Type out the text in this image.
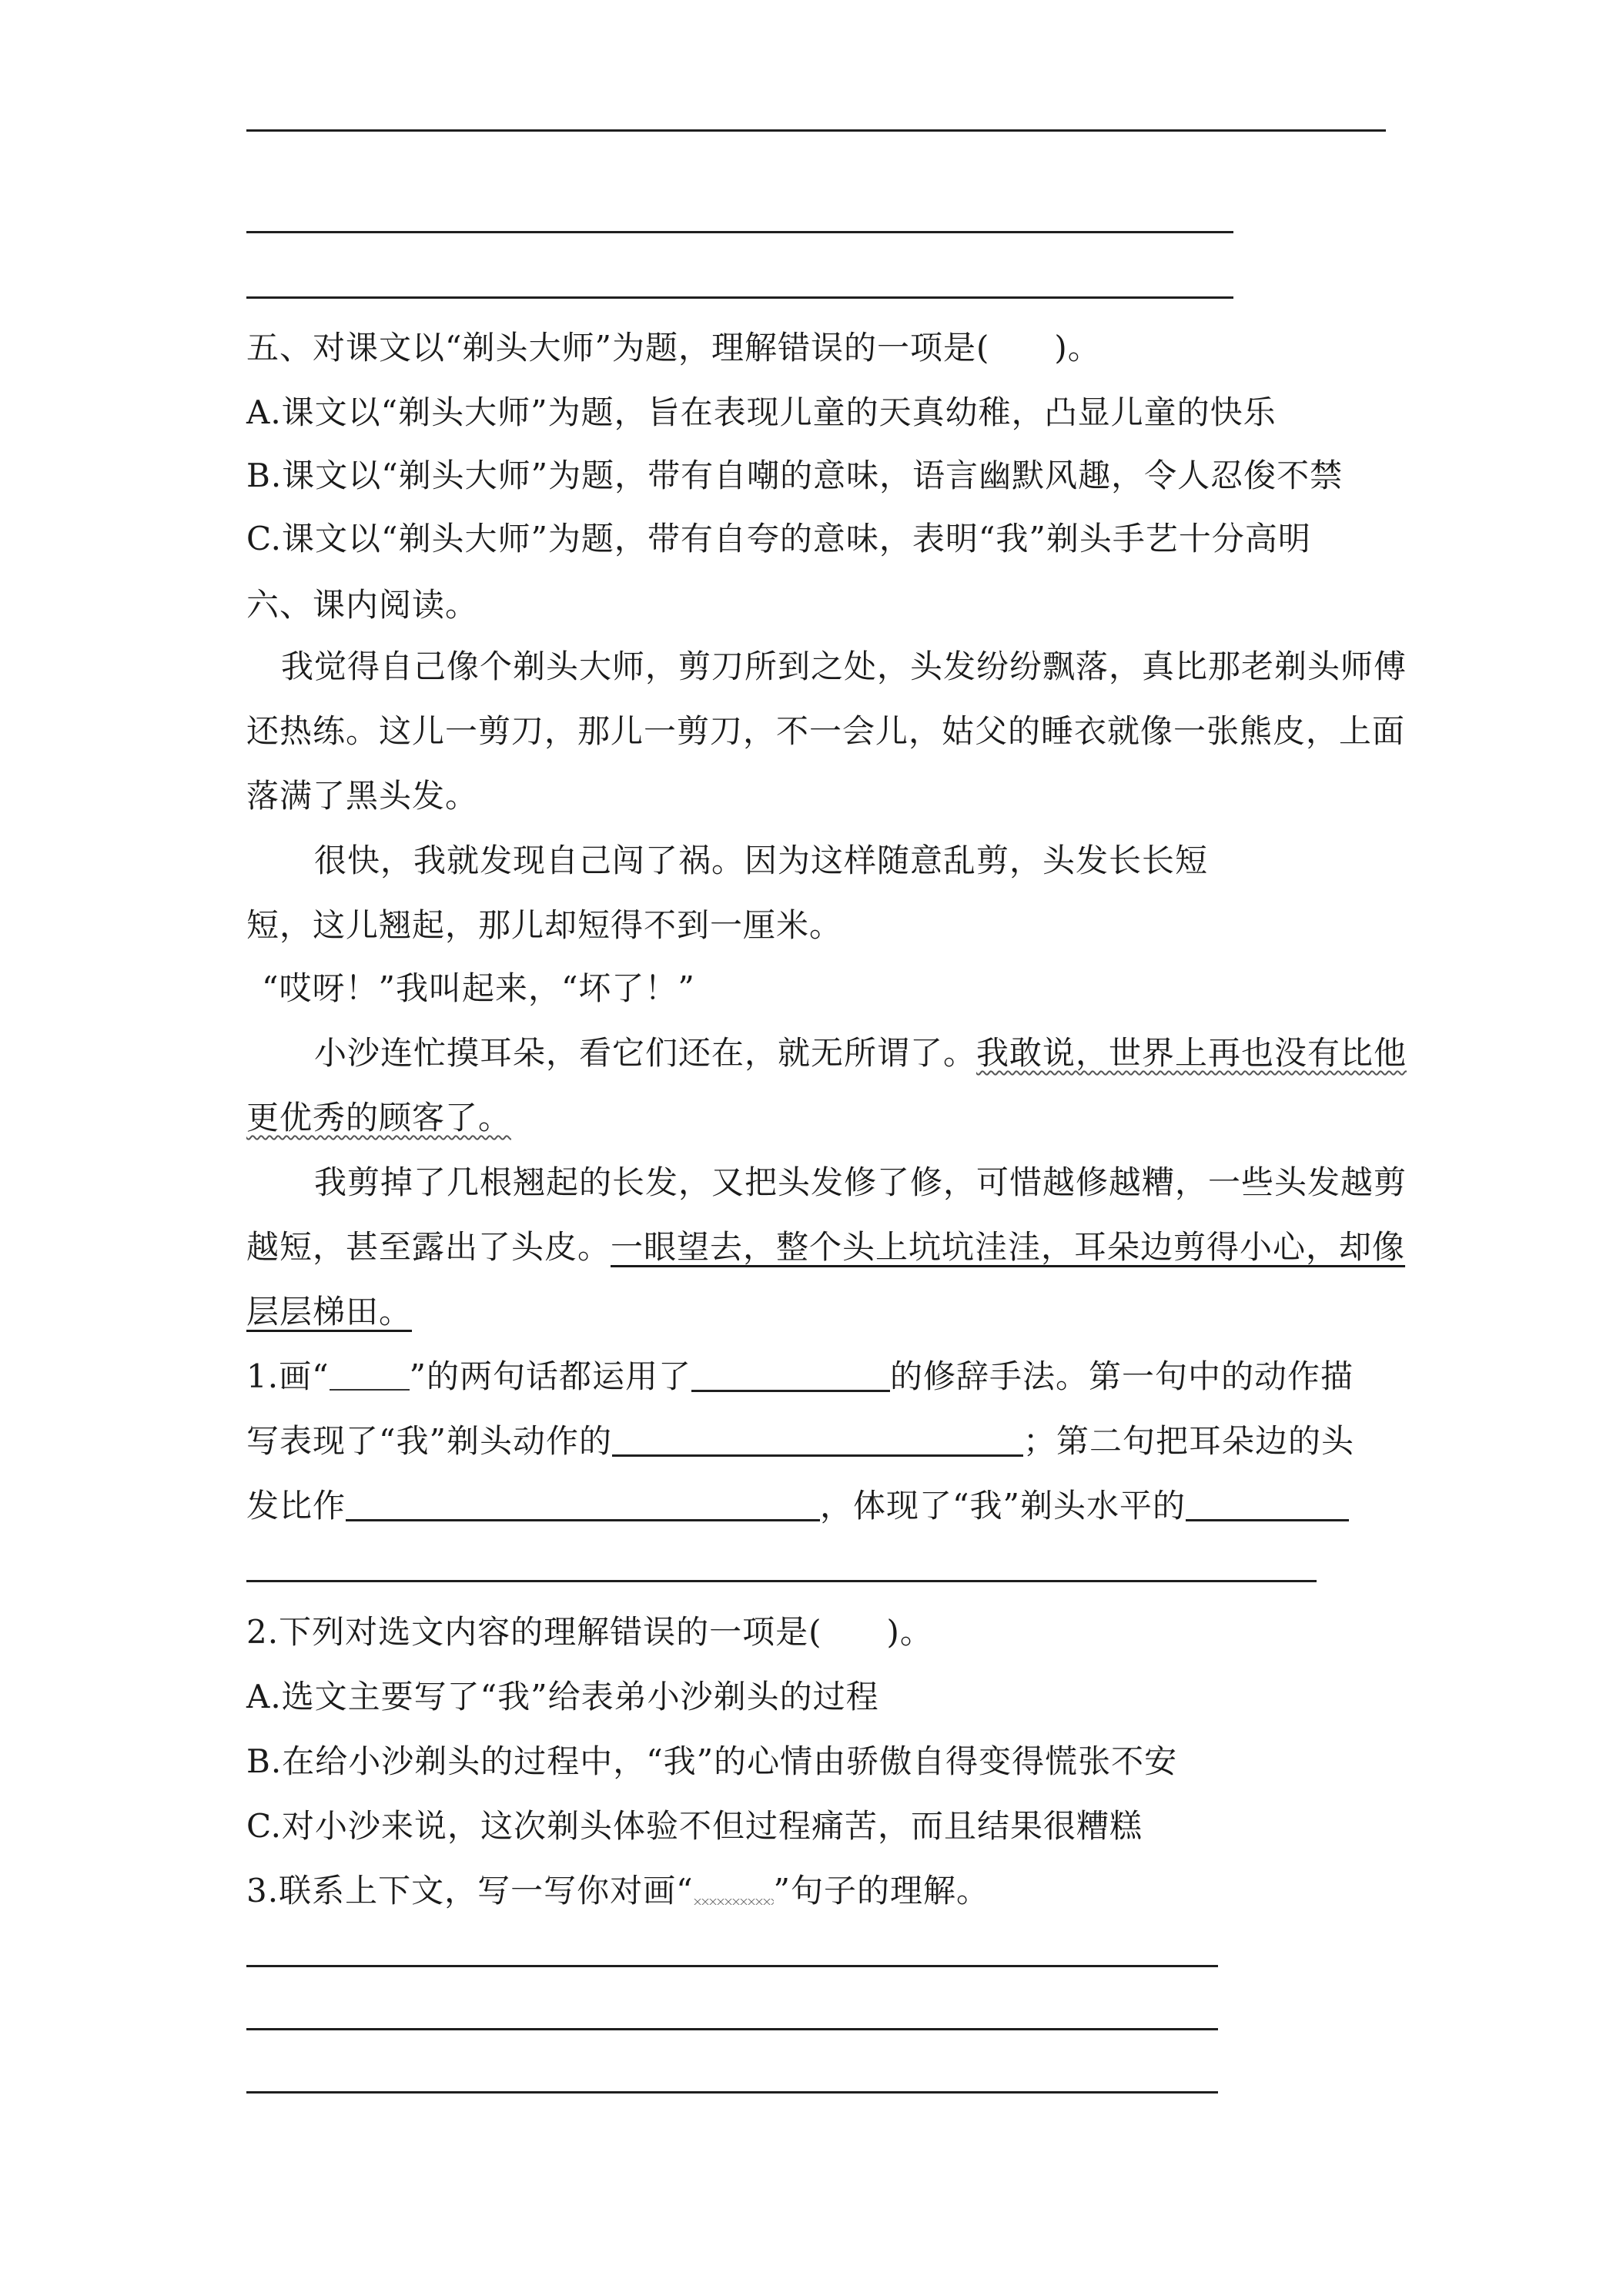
五、对课文以“剃头大师”为题，理解错误的一项是( )。
A.课文以“剃头大师”为题，旨在表现儿童的天真幼稚，凸显儿童的快乐
B.课文以“剃头大师”为题，带有自嘲的意味，语言幽默风趣，令人忍俊不禁
C.课文以“剃头大师”为题，带有自夸的意味，表明“我”剃头手艺十分高明
六、课内阅读。
我觉得自己像个剃头大师，剪刀所到之处，头发纷纷飘落，真比那老剃头师傅
还热练。这儿一剪刀，那儿一剪刀，不一会儿，姑父的睡衣就像一张熊皮，上面
落满了黑头发。
很快，我就发现自己闯了祸。因为这样随意乱剪，头发长长短
短，这儿翘起，那儿却短得不到一厘米。
“哎呀！”我叫起来，“坏了！”
小沙连忙摸耳朵，看它们还在，就无所谓了。我敢说，世界上再也没有比他
更优秀的顾客了。
我剪掉了几根翘起的长发，又把头发修了修，可惜越修越糟，一些头发越剪
越短，甚至露出了头皮。一眼望去，整个头上坑坑洼洼，耳朵边剪得小心，却像
层层梯田。
1.画“ ”的两句话都运用了	的修辞手法。第一句中的动作描
写表现了“我”剃头动作的	；第二句把耳朵边的头
发比作	，体现了“我”剃头水平的
2.下列对选文内容的理解错误的一项是( )。
A.选文主要写了“我”给表弟小沙剃头的过程
B.在给小沙剃头的过程中，“我”的心情由骄傲自得变得慌张不安
C.对小沙来说，这次剃头体验不但过程痛苦，而且结果很糟糕
3.联系上下文，写一写你对画“ ”句子的理解。
